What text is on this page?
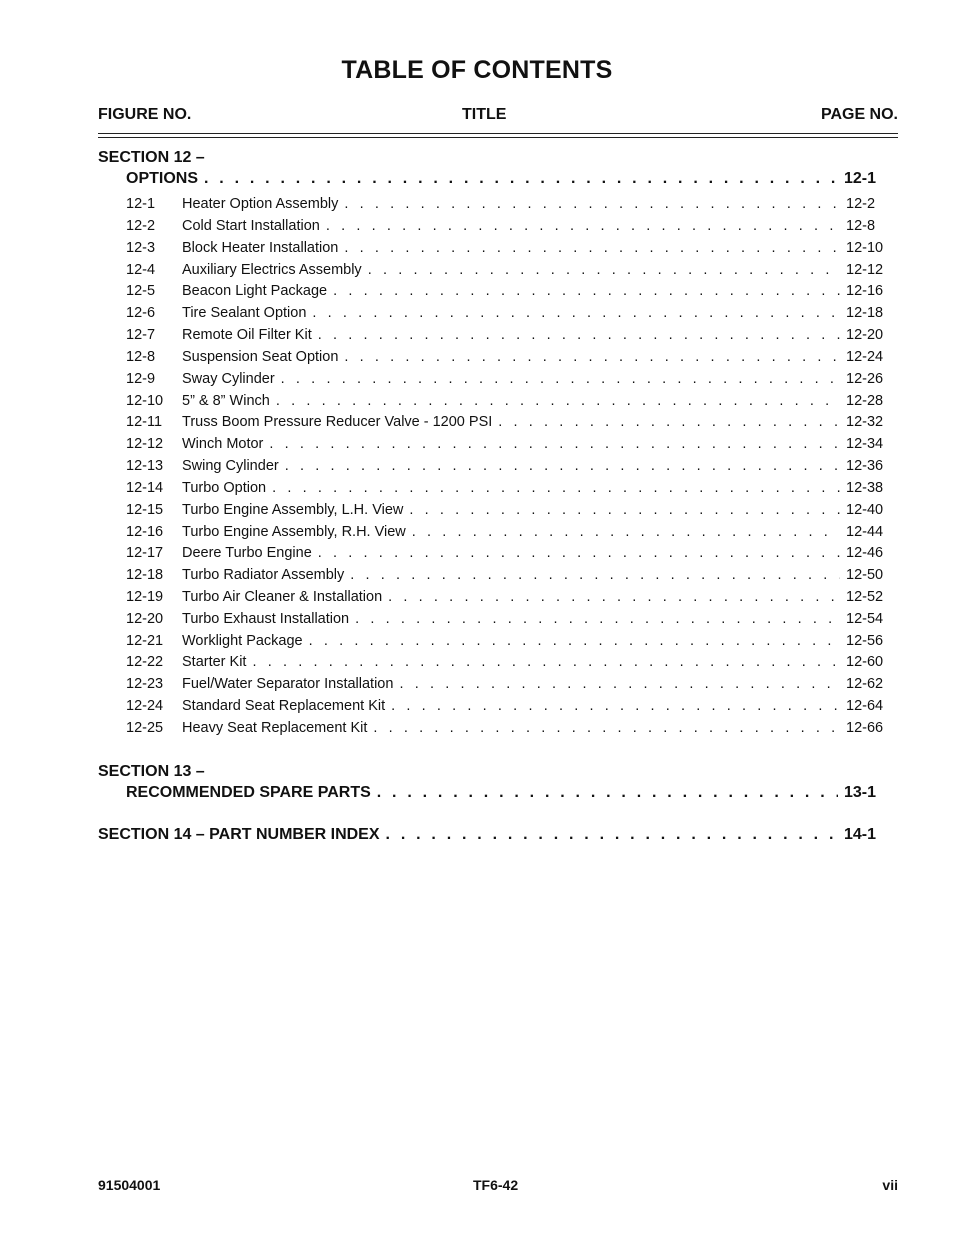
TABLE OF CONTENTS
FIGURE NO.	TITLE	PAGE NO.
SECTION 12 –
OPTIONS . . .	12-1
12-1	Heater Option Assembly . . .	12-2
12-2	Cold Start Installation . . .	12-8
12-3	Block Heater Installation . . .	12-10
12-4	Auxiliary Electrics Assembly . . .	12-12
12-5	Beacon Light Package . . .	12-16
12-6	Tire Sealant Option . . .	12-18
12-7	Remote Oil Filter Kit . . .	12-20
12-8	Suspension Seat Option . . .	12-24
12-9	Sway Cylinder . . .	12-26
12-10	5” & 8” Winch . . .	12-28
12-11	Truss Boom Pressure Reducer Valve - 1200 PSI . . .	12-32
12-12	Winch Motor . . .	12-34
12-13	Swing Cylinder . . .	12-36
12-14	Turbo Option . . .	12-38
12-15	Turbo Engine Assembly, L.H. View . . .	12-40
12-16	Turbo Engine Assembly, R.H. View . . .	12-44
12-17	Deere Turbo Engine . . .	12-46
12-18	Turbo Radiator Assembly . . .	12-50
12-19	Turbo Air Cleaner & Installation . . .	12-52
12-20	Turbo Exhaust Installation . . .	12-54
12-21	Worklight Package . . .	12-56
12-22	Starter Kit . . .	12-60
12-23	Fuel/Water Separator Installation . . .	12-62
12-24	Standard Seat Replacement Kit . . .	12-64
12-25	Heavy Seat Replacement Kit . . .	12-66
SECTION 13 –
RECOMMENDED SPARE PARTS . . .	13-1
SECTION 14 – PART NUMBER INDEX . . .	14-1
91504001	TF6-42	vii
